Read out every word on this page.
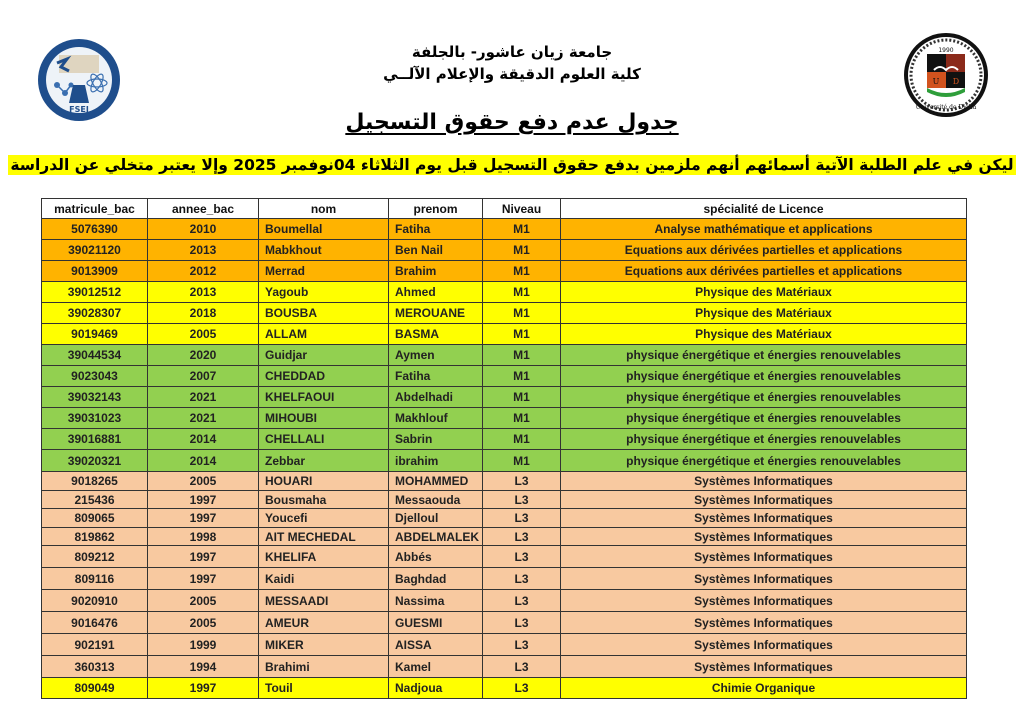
FSEI
U D
1990
Université de Djelfa
جامعة زيان عاشور- بالجلفة
كلية العلوم الدقيقة والإعلام الآلــي
جدول عدم دفع حقوق التسجيل
ليكن في علم الطلبة الآتية أسمائهم أنهم ملزمين بدفع حقوق التسجيل قبل يوم الثلاثاء 04نوفمبر 2025 وإلا يعتبر متخلي عن الدراسة
matricule_bac	annee_bac	nom	prenom	Niveau	spécialité de Licence
5076390	2010	Boumellal	Fatiha	M1	Analyse mathématique et applications
39021120	2013	Mabkhout	Ben Nail	M1	Equations aux dérivées partielles et applications
9013909	2012	Merrad	Brahim	M1	Equations aux dérivées partielles et applications
39012512	2013	Yagoub	Ahmed	M1	Physique des Matériaux
39028307	2018	BOUSBA	MEROUANE	M1	Physique des Matériaux
9019469	2005	ALLAM	BASMA	M1	Physique des Matériaux
39044534	2020	Guidjar	Aymen	M1	physique énergétique et énergies renouvelables
9023043	2007	CHEDDAD	Fatiha	M1	physique énergétique et énergies renouvelables
39032143	2021	KHELFAOUI	Abdelhadi	M1	physique énergétique et énergies renouvelables
39031023	2021	MIHOUBI	Makhlouf	M1	physique énergétique et énergies renouvelables
39016881	2014	CHELLALI	Sabrin	M1	physique énergétique et énergies renouvelables
39020321	2014	Zebbar	ibrahim	M1	physique énergétique et énergies renouvelables
9018265	2005	HOUARI	MOHAMMED	L3	Systèmes Informatiques
215436	1997	Bousmaha	Messaouda	L3	Systèmes Informatiques
809065	1997	Youcefi	Djelloul	L3	Systèmes Informatiques
819862	1998	AIT MECHEDAL	ABDELMALEK	L3	Systèmes Informatiques
809212	1997	KHELIFA	Abbés	L3	Systèmes Informatiques
809116	1997	Kaidi	Baghdad	L3	Systèmes Informatiques
9020910	2005	MESSAADI	Nassima	L3	Systèmes Informatiques
9016476	2005	AMEUR	GUESMI	L3	Systèmes Informatiques
902191	1999	MIKER	AISSA	L3	Systèmes Informatiques
360313	1994	Brahimi	Kamel	L3	Systèmes Informatiques
809049	1997	Touil	Nadjoua	L3	Chimie Organique
